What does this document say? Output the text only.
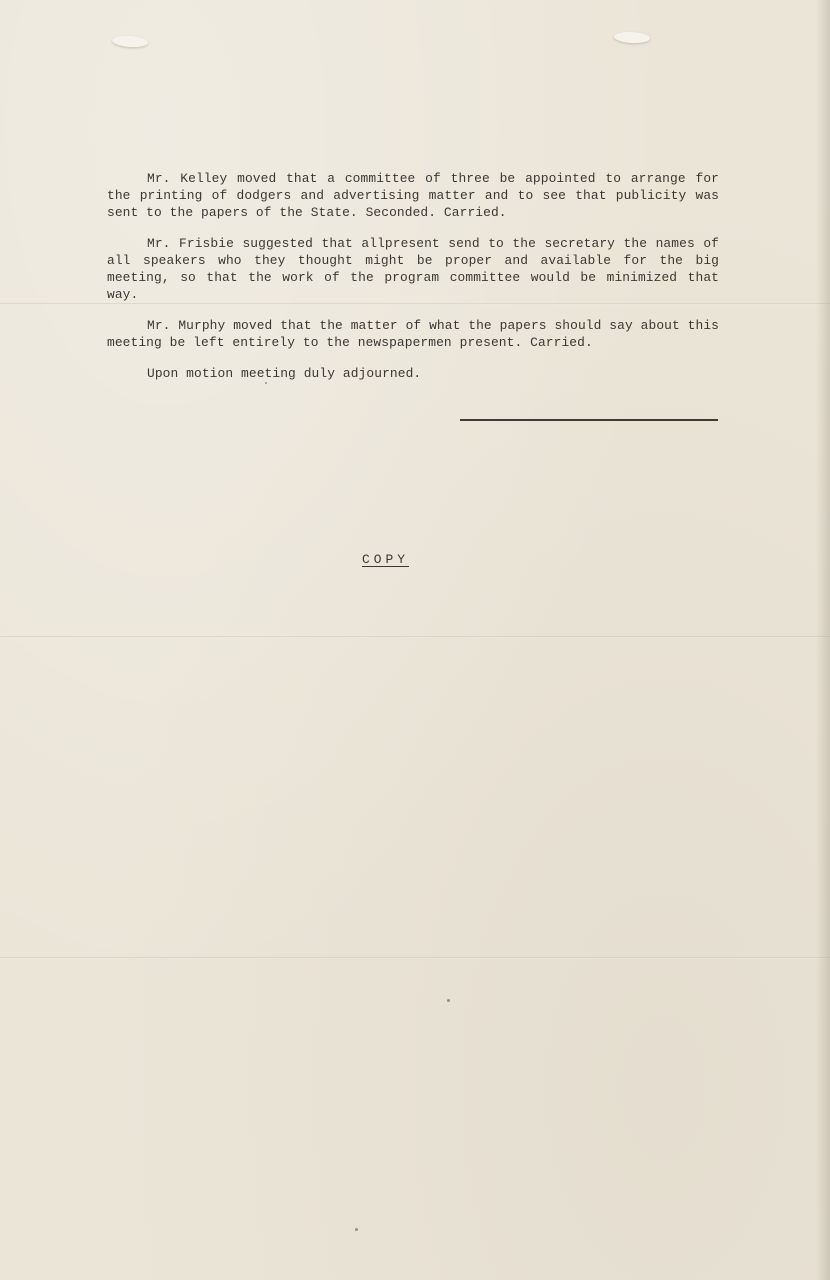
Mr. Kelley moved that a committee of three be appointed to arrange for the printing of dodgers and advertising matter and to see that publicity was sent to the papers of the State. Seconded. Carried.

Mr. Frisbie suggested that allpresent send to the secretary the names of all speakers who they thought might be proper and available for the big meeting, so that the work of the program committee would be minimized that way.

Mr. Murphy moved that the matter of what the papers should say about this meeting be left entirely to the newspapermen present. Carried.

Upon motion meeting duly adjourned.

COPY
